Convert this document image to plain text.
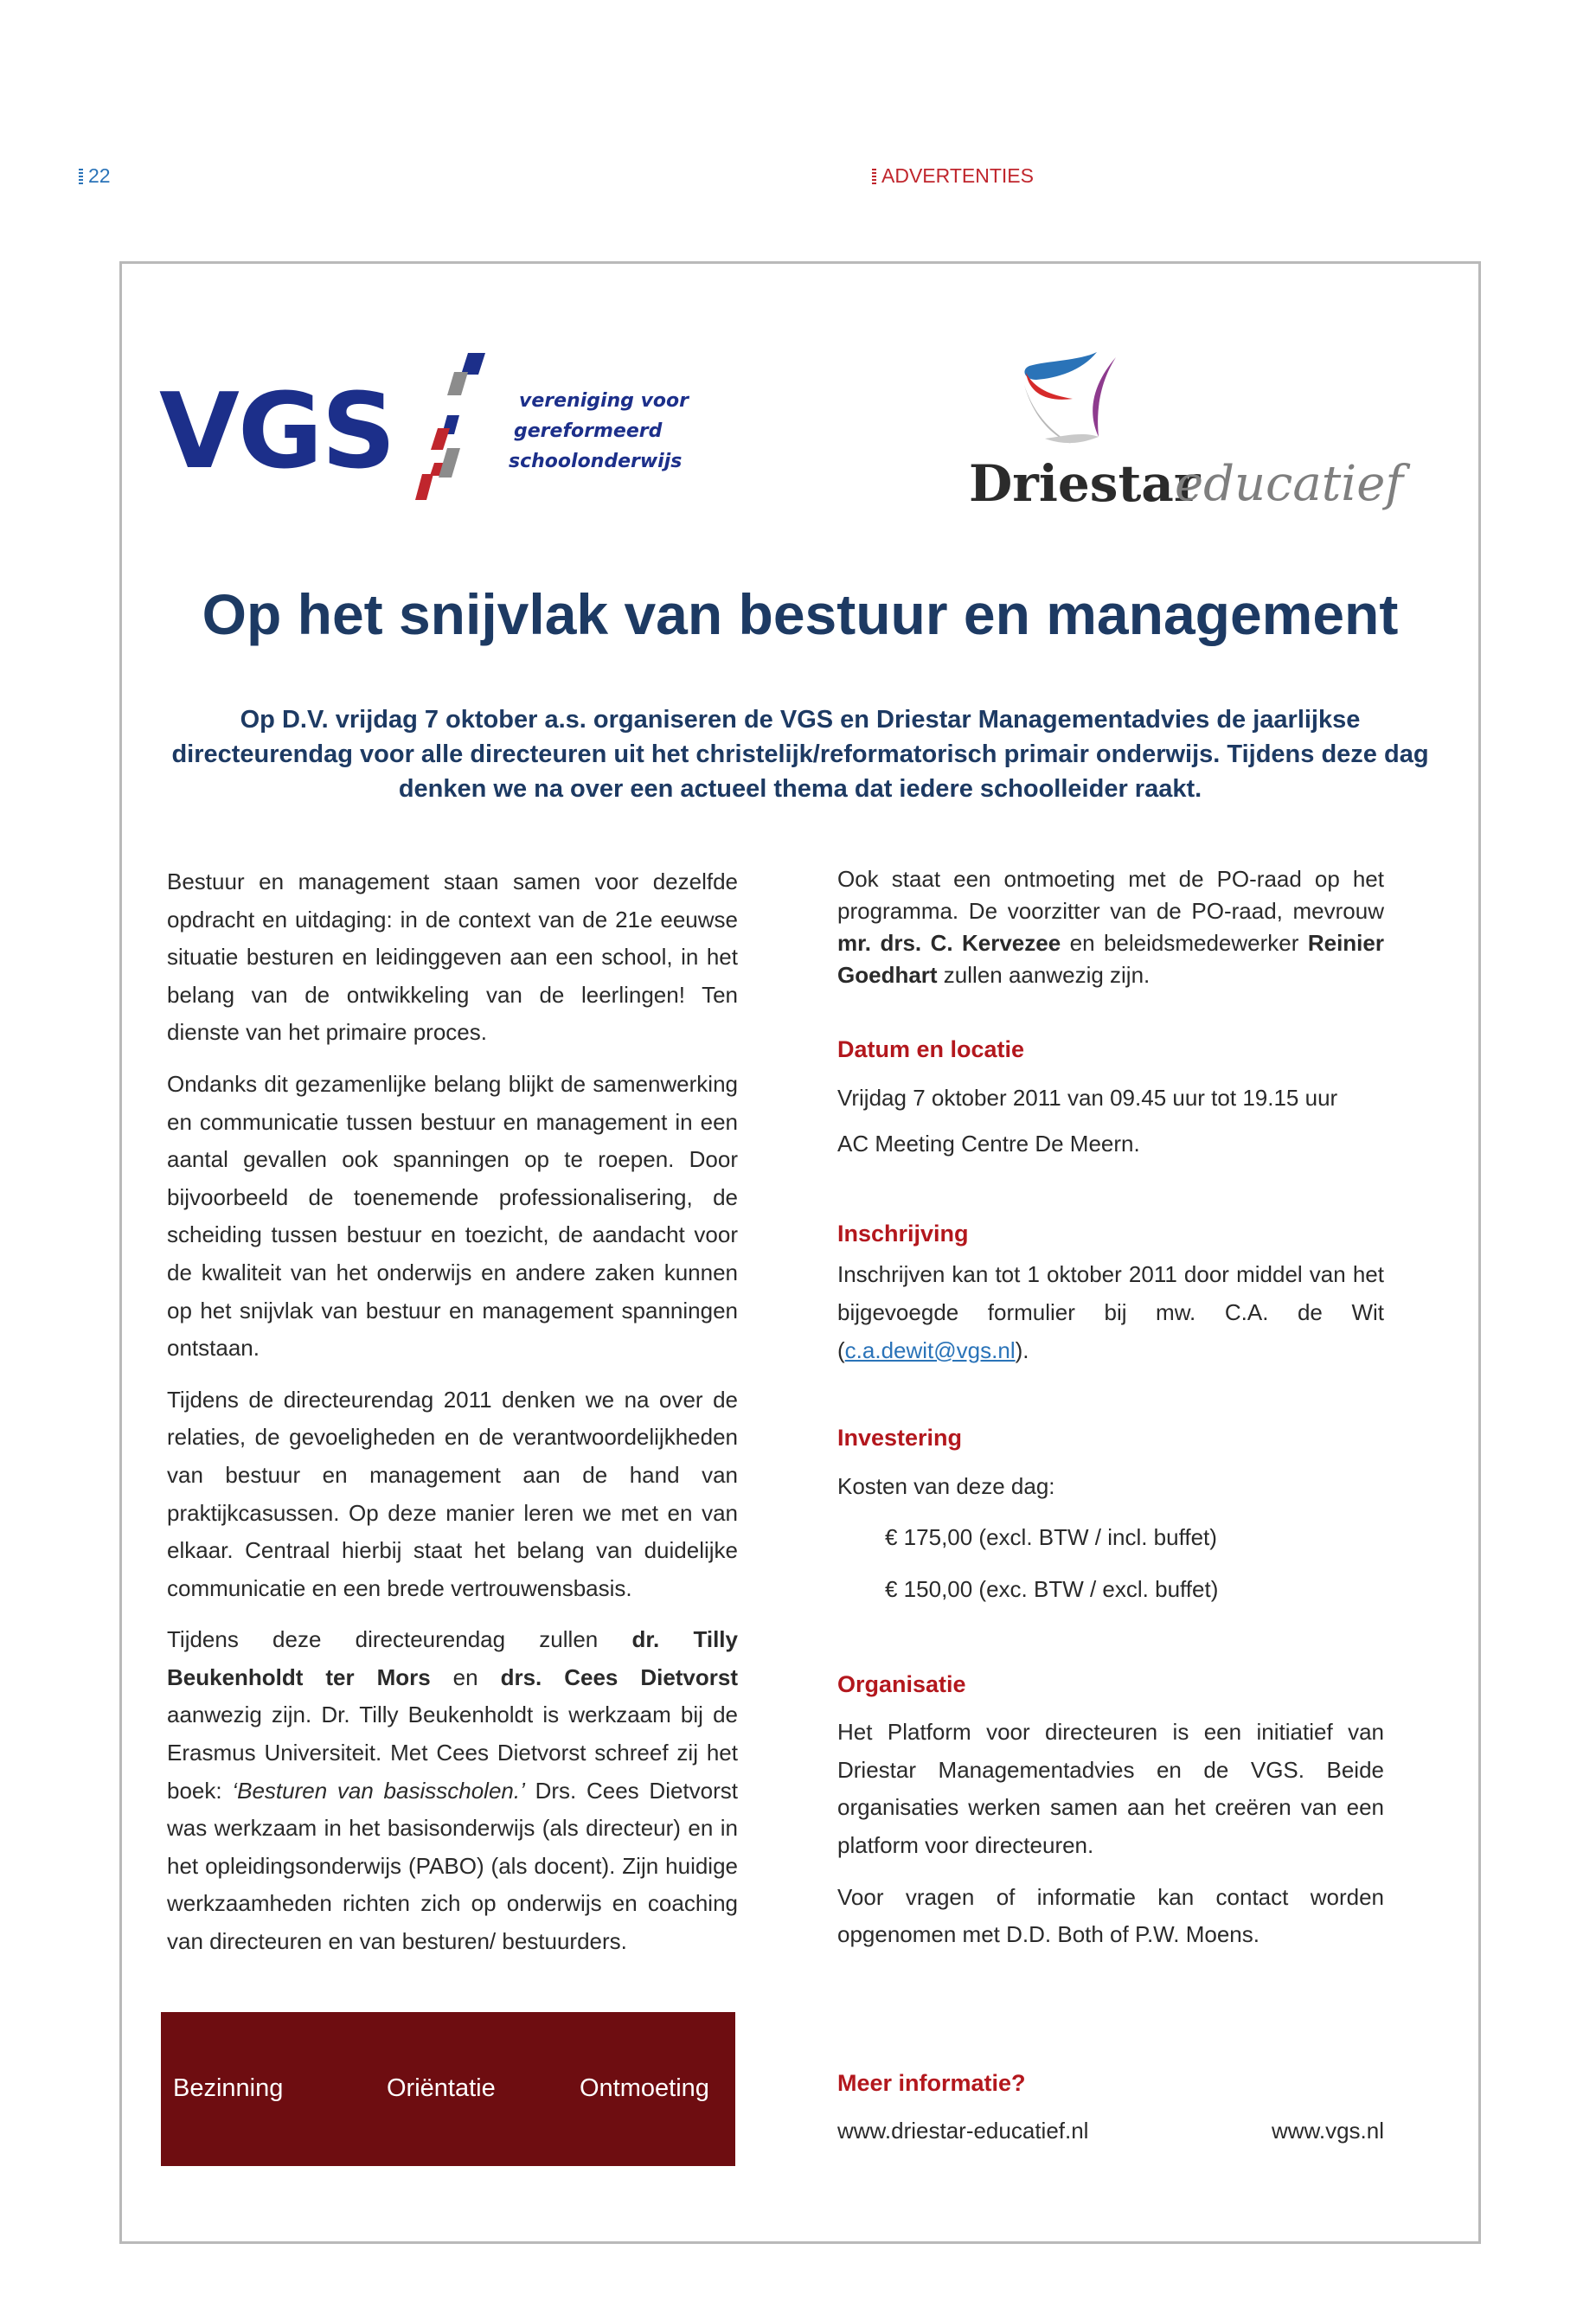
22	ADVERTENTIES
VGS	vereniging voor
gereformeerd
schoolonderwijs	Driestar
educatief
Op het snijvlak van bestuur en management
Op D.V. vrijdag 7 oktober a.s. organiseren de VGS en Driestar Managementadvies de jaarlijkse directeurendag voor alle directeuren uit het christelijk/reformatorisch primair onderwijs. Tijdens deze dag denken we na over een actueel thema dat iedere schoolleider raakt.

Bestuur en management staan samen voor dezelfde opdracht en uitdaging: in de context van de 21e eeuwse situatie besturen en leidinggeven aan een school, in het belang van de ontwikkeling van de leerlingen! Ten dienste van het primaire proces.

Ondanks dit gezamenlijke belang blijkt de samenwerking en communicatie tussen bestuur en management in een aantal gevallen ook spanningen op te roepen. Door bijvoorbeeld de toenemende professionalisering, de scheiding tussen bestuur en toezicht, de aandacht voor de kwaliteit van het onderwijs en andere zaken kunnen op het snijvlak van bestuur en management spanningen ontstaan.

Tijdens de directeurendag 2011 denken we na over de relaties, de gevoeligheden en de verantwoordelijkheden van bestuur en management aan de hand van praktijkcasussen. Op deze manier leren we met en van elkaar. Centraal hierbij staat het belang van duidelijke communicatie en een brede vertrouwensbasis.

Tijdens deze directeurendag zullen dr. Tilly Beukenholdt ter Mors en drs. Cees Dietvorst aanwezig zijn. Dr. Tilly Beukenholdt is werkzaam bij de Erasmus Universiteit. Met Cees Dietvorst schreef zij het boek: ‘Besturen van basisscholen.’ Drs. Cees Dietvorst was werkzaam in het basisonderwijs (als directeur) en in het opleidingsonderwijs (PABO) (als docent). Zijn huidige werkzaamheden richten zich op onderwijs en coaching van directeuren en van besturen/ bestuurders.

Ook staat een ontmoeting met de PO-raad op het programma. De voorzitter van de PO-raad, mevrouw mr. drs. C. Kervezee en beleidsmedewerker Reinier Goedhart zullen aanwezig zijn.

Datum en locatie
Vrijdag 7 oktober 2011 van 09.45 uur tot 19.15 uur
AC Meeting Centre De Meern.
Inschrijving

Inschrijven kan tot 1 oktober 2011 door middel van het bijgevoegde formulier bij mw. C.A. de Wit (c.a.dewit@vgs.nl).

Investering
Kosten van deze dag:
€ 175,00 (excl. BTW / incl. buffet)
€ 150,00 (exc. BTW / excl. buffet)
Organisatie

Het Platform voor directeuren is een initiatief van Driestar Managementadvies en de VGS. Beide organisaties werken samen aan het creëren van een platform voor directeuren.

Voor vragen of informatie kan contact worden opgenomen met D.D. Both of P.W. Moens.

Bezinning	Oriëntatie	Ontmoeting	Meer informatie?
www.driestar-educatief.nl	www.vgs.nl
